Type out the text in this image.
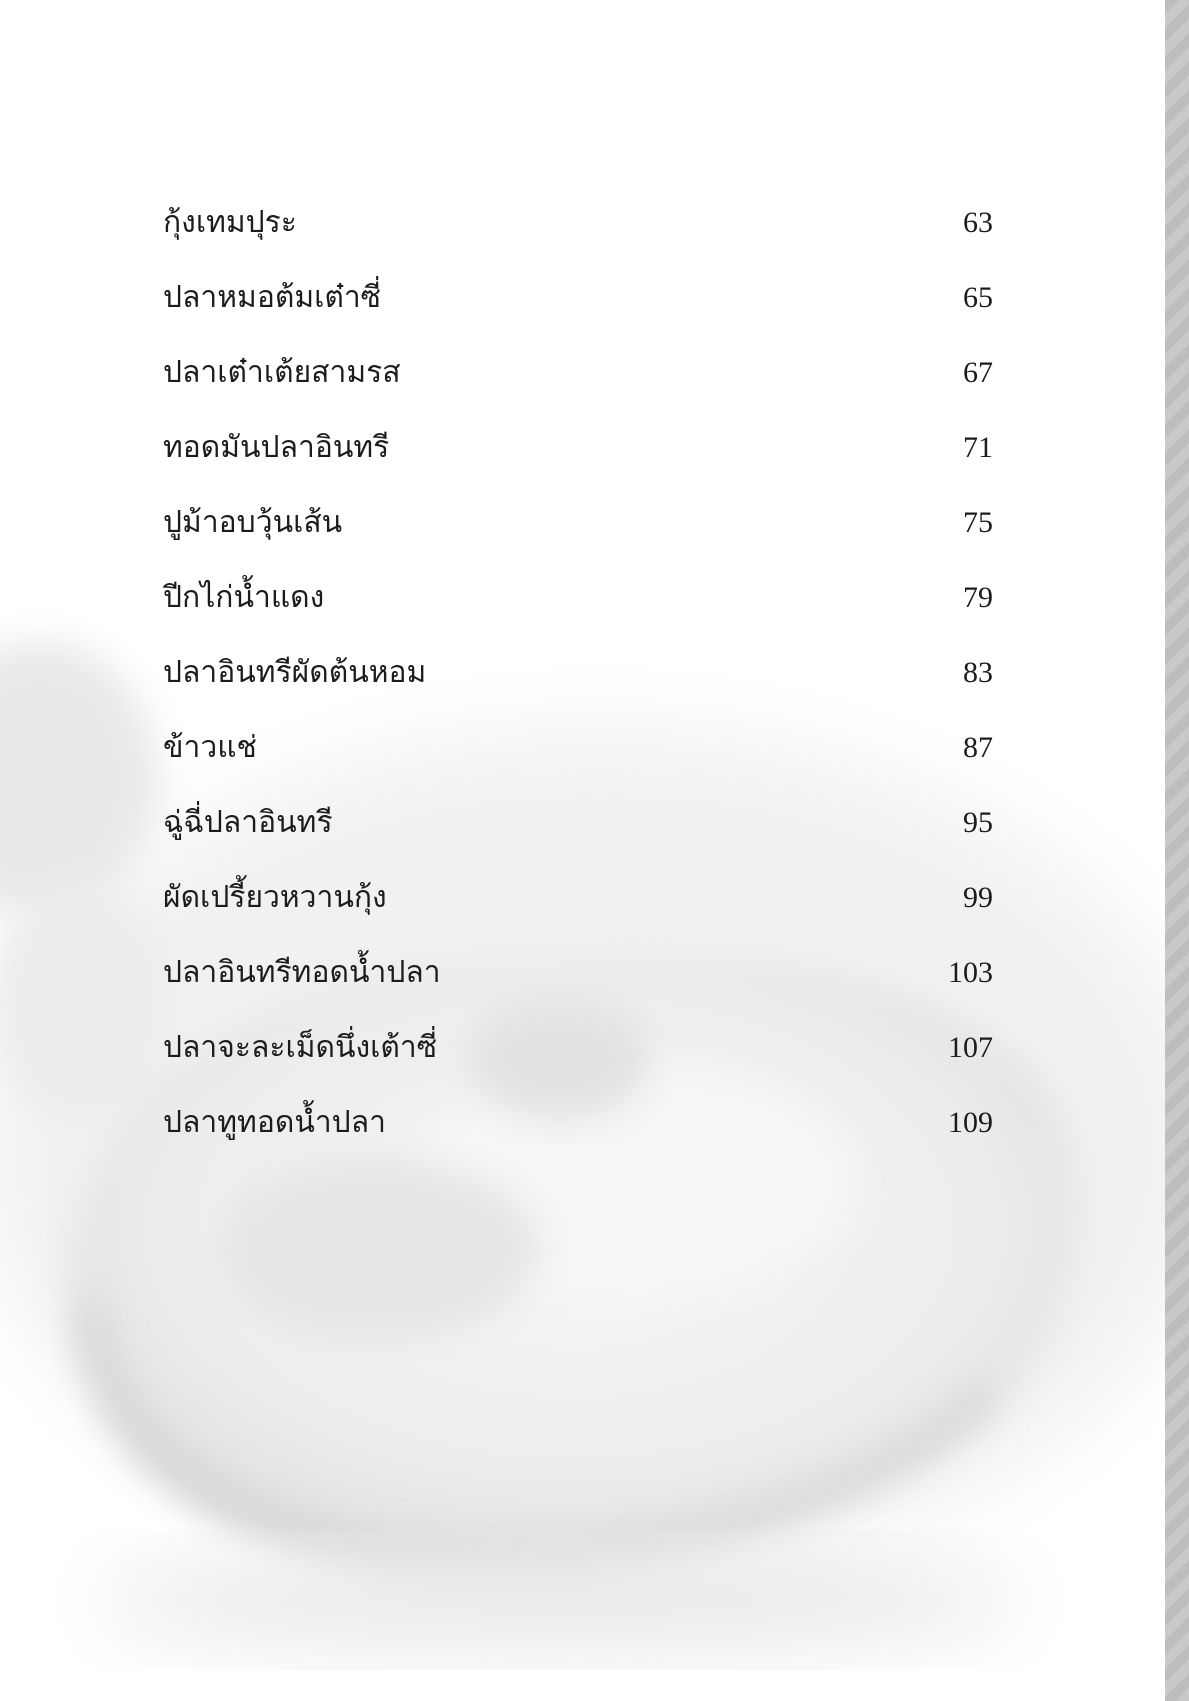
กุ้งเทมปุระ	63
ปลาหมอต้มเต๋าซี่	65
ปลาเต๋าเต้ยสามรส	67
ทอดมันปลาอินทรี	71
ปูม้าอบวุ้นเส้น	75
ปีกไก่น้ำแดง	79
ปลาอินทรีผัดต้นหอม	83
ข้าวแช่	87
ฉู่ฉี่ปลาอินทรี	95
ผัดเปรี้ยวหวานกุ้ง	99
ปลาอินทรีทอดน้ำปลา	103
ปลาจะละเม็ดนึ่งเต้าซี่	107
ปลาทูทอดน้ำปลา	109
